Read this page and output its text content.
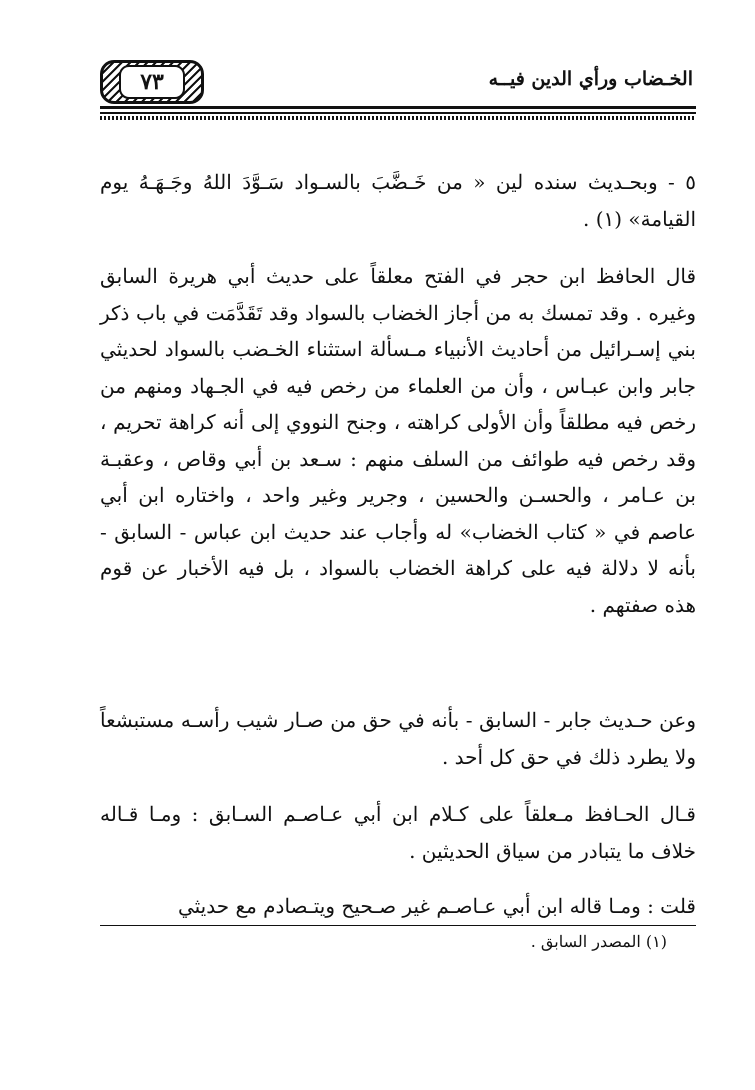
الخـضاب ورأي الدين فيــه
٧٣

٥ - وبحـديث سنده لين « من خَـضَّبَ بالسـواد سَـوَّدَ اللهُ وجَـهَـهُ يوم القيامة» (١) .

قال الحافظ ابن حجر في الفتح معلقاً على حديث أبي هريرة السابق وغيره . وقد تمسك به من أجاز الخضاب بالسواد وقد تَقَدَّمَت في باب ذكر بني إسـرائيل من أحاديث الأنبياء مـسألة استثناء الخـضب بالسواد لحديثي جابر وابن عبـاس ، وأن من العلماء من رخص فيه في الجـهاد ومنهم من رخص فيه مطلقاً وأن الأولى كراهته ، وجنح النووي إلى أنه كراهة تحريم ، وقد رخص فيه طوائف من السلف منهم : سـعد بن أبي وقاص ، وعقبـة بن عـامر ، والحسـن والحسين ، وجرير وغير واحد ، واختاره ابن أبي عاصم في « كتاب الخضاب» له وأجاب عند حديث ابن عباس - السابق - بأنه لا دلالة فيه على كراهة الخضاب بالسواد ، بل فيه الأخبار عن قوم هذه صفتهم .

وعن حـديث جابر - السابق - بأنه في حق من صـار شيب رأسـه مستبشعاً ولا يطرد ذلك في حق كل أحد .

قـال الحـافظ مـعلقاً على كـلام ابن أبي عـاصـم السـابق : ومـا قـاله خلاف ما يتبادر من سياق الحديثين .

قلت : ومـا قاله ابن أبي عـاصـم غير صـحيح ويتـصادم مع حديثي

(١) المصدر السابق .
